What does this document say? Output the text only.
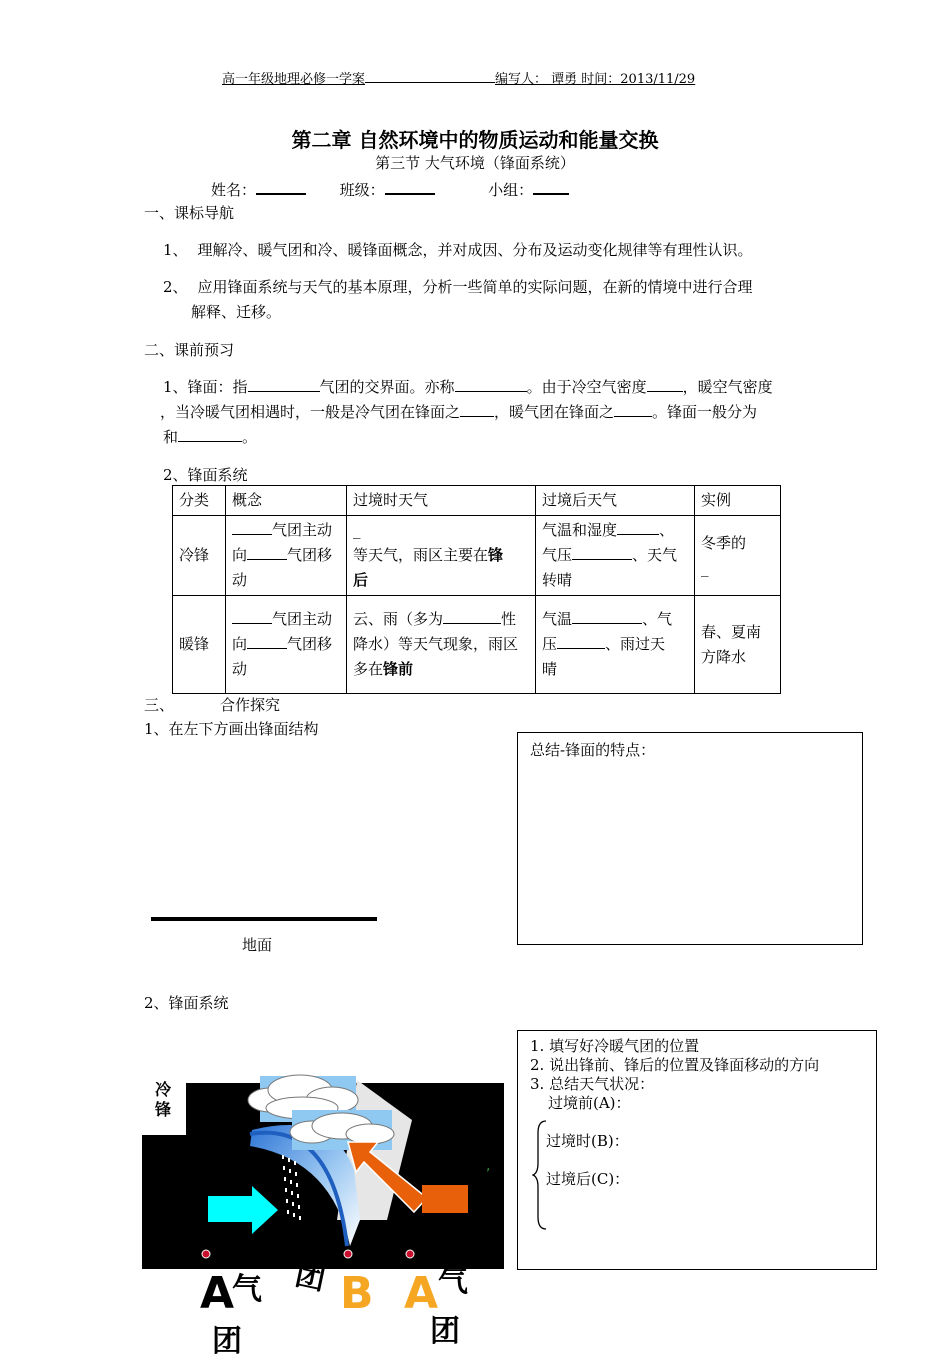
高一年级地理必修一学案	编写人： 谭勇 时间：2013/11/29
第二章 自然环境中的物质运动和能量交换
第三节 大气环境（锋面系统）
姓名：	班级：	小组：
一、课标导航
1、 理解冷、暖气团和冷、暖锋面概念，并对成因、分布及运动变化规律等有理性认识。
2、 应用锋面系统与天气的基本原理，分析一些简单的实际问题，在新的情境中进行合理
解释、迁移。
二、课前预习
1、锋面：指	气团的交界面。亦称	。由于冷空气密度 ，暖空气密度
，当冷暖气团相遇时，一般是冷气团在锋面之 ，暖气团在锋面之	。锋面一般分为
和	。
2、锋面系统
分类	概念	过境时天气	过境后天气	实例
冷锋	气团主动
向 气团移
动	_
等天气，雨区主要在锋
后	气温和湿度 、
气压 、天气
转晴	冬季的
_
暖锋	气团主动
向 气团移
动	云、雨（多为 性
降水）等天气现象，雨区
多在锋前	气温 、气
压 、雨过天
晴	春、夏南
方降水
三、	合作探究
1、在左下方画出锋面结构
地面
总结-锋面的特点：
2、锋面系统
1. 填写好冷暖气团的位置
2. 说出锋前、锋后的位置及锋面移动的方向
3. 总结天气状况：
过境前(A)：
过境时(B)：
过境后(C)：
,
冷锋
A
气
团
团 B A 气
团
